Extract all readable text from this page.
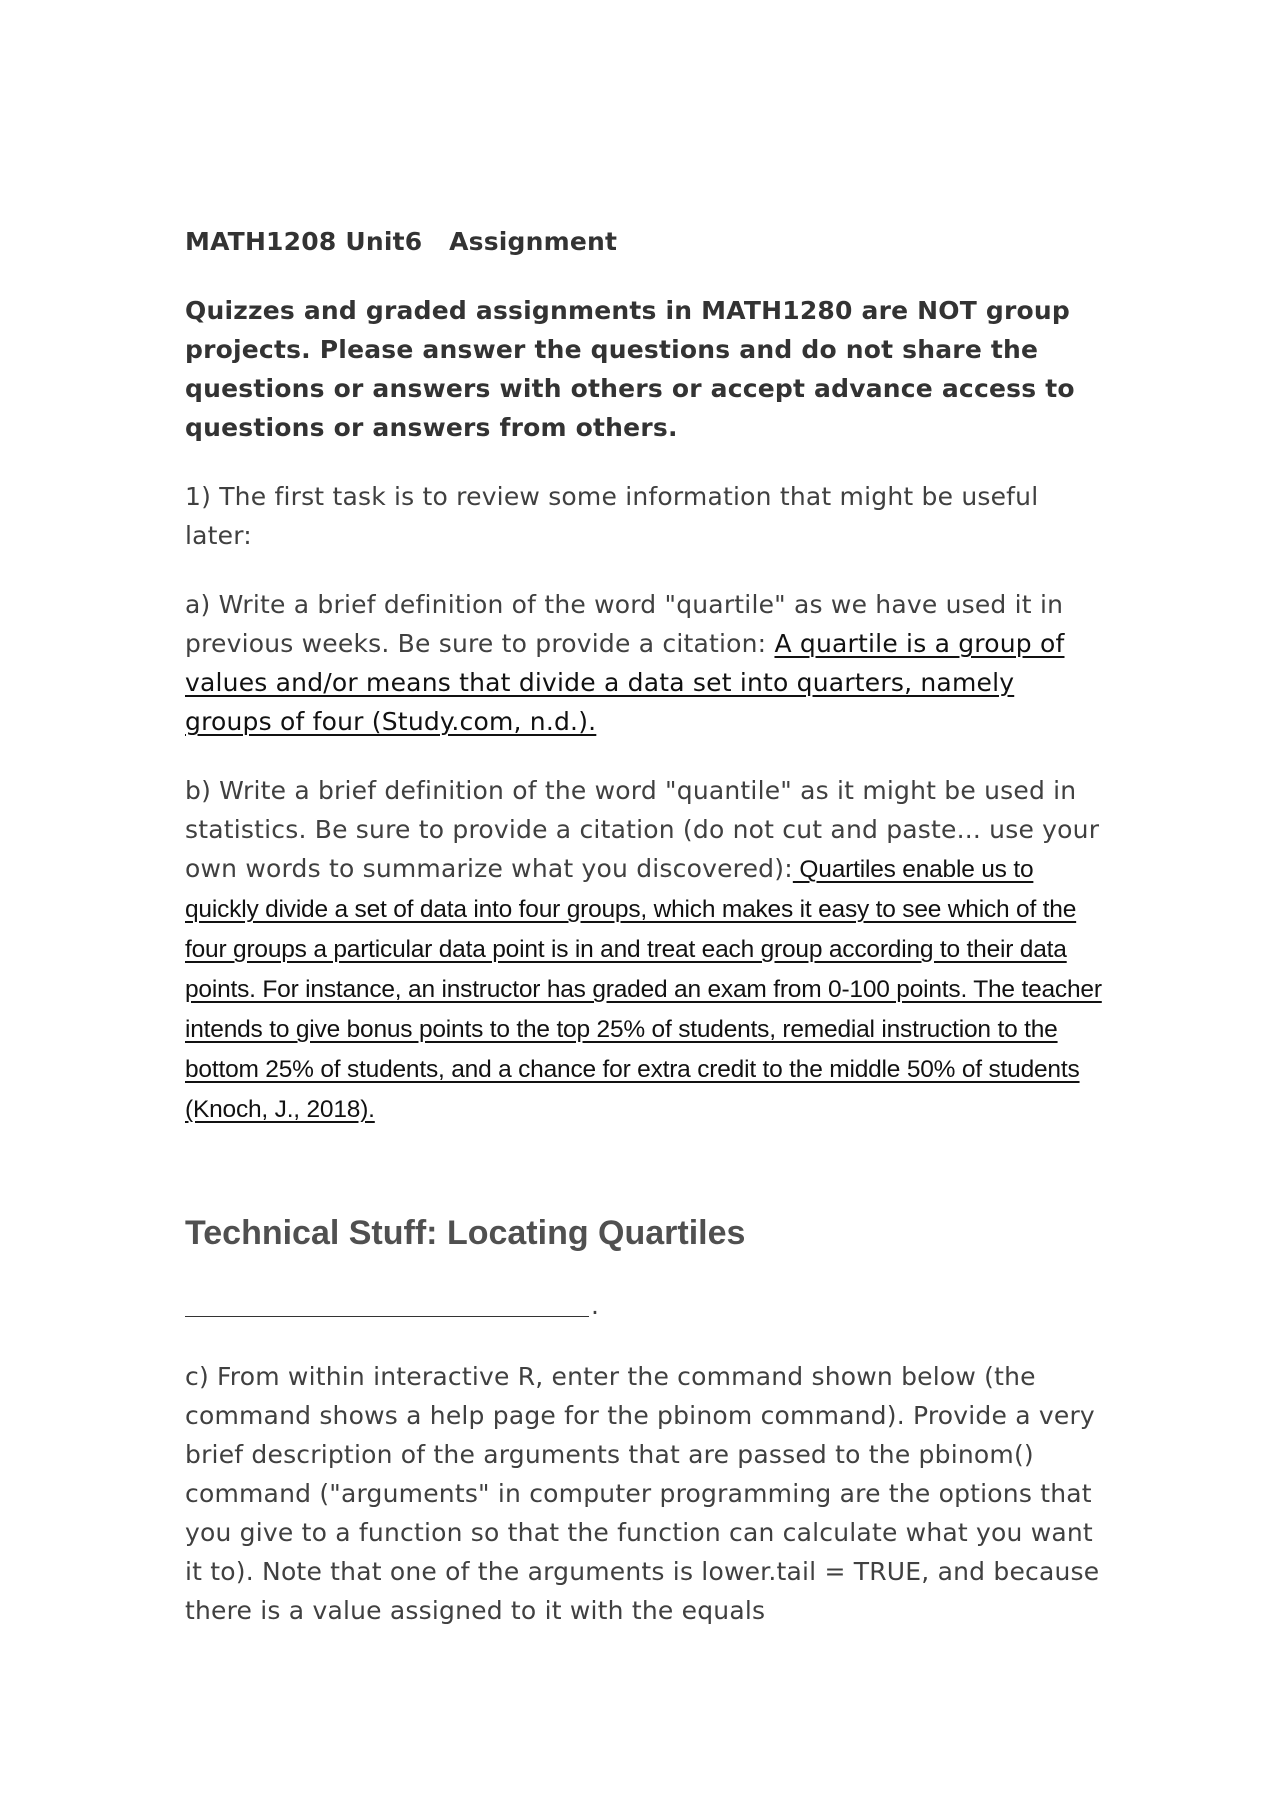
MATH1208 Unit6   Assignment

Quizzes and graded assignments in MATH1280 are NOT group projects. Please answer the questions and do not share the questions or answers with others or accept advance access to questions or answers from others.

1) The first task is to review some information that might be useful later:

a) Write a brief definition of the word "quartile" as we have used it in previous weeks. Be sure to provide a citation: A quartile is a group of values and/or means that divide a data set into quarters, namely groups of four (Study.com, n.d.).

b) Write a brief definition of the word "quantile" as it might be used in statistics. Be sure to provide a citation (do not cut and paste... use your own words to summarize what you discovered): Quartiles enable us to quickly divide a set of data into four groups, which makes it easy to see which of the four groups a particular data point is in and treat each group according to their data points. For instance, an instructor has graded an exam from 0-100 points. The teacher intends to give bonus points to the top 25% of students, remedial instruction to the bottom 25% of students, and a chance for extra credit to the middle 50% of students (Knoch, J., 2018).

Technical Stuff: Locating Quartiles
.

c) From within interactive R, enter the command shown below (the command shows a help page for the pbinom command). Provide a very brief description of the arguments that are passed to the pbinom() command ("arguments" in computer programming are the options that you give to a function so that the function can calculate what you want it to). Note that one of the arguments is lower.tail = TRUE, and because there is a value assigned to it with the equals
